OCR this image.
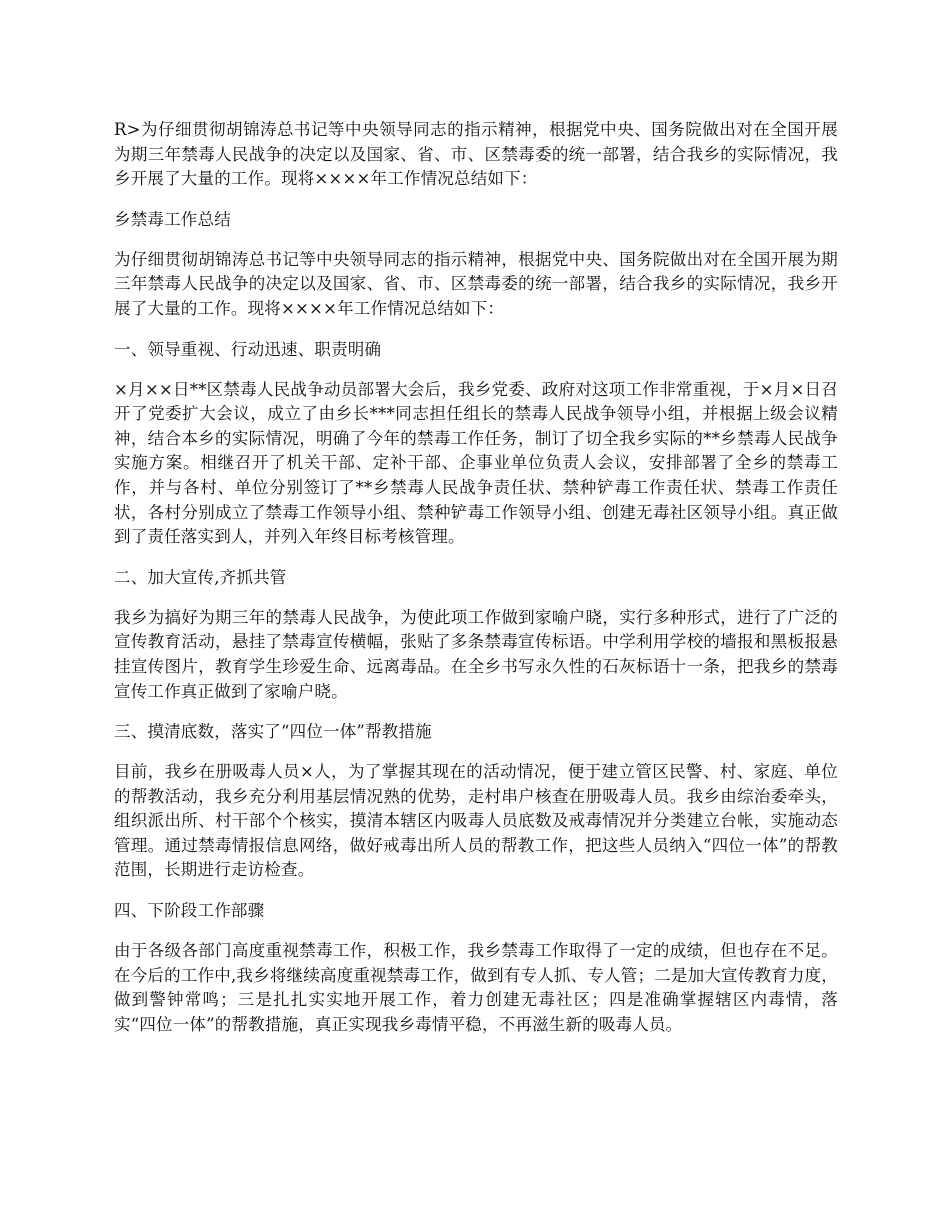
R>为仔细贯彻胡锦涛总书记等中央领导同志的指示精神，根据党中央、国务院做出对在全国开展为期三年禁毒人民战争的决定以及国家、省、市、区禁毒委的统一部署，结合我乡的实际情况，我乡开展了大量的工作。现将××××年工作情况总结如下：

乡禁毒工作总结

为仔细贯彻胡锦涛总书记等中央领导同志的指示精神，根据党中央、国务院做出对在全国开展为期三年禁毒人民战争的决定以及国家、省、市、区禁毒委的统一部署，结合我乡的实际情况，我乡开展了大量的工作。现将××××年工作情况总结如下：

一、领导重视、行动迅速、职责明确

×月××日**区禁毒人民战争动员部署大会后，我乡党委、政府对这项工作非常重视，于×月×日召开了党委扩大会议，成立了由乡长***同志担任组长的禁毒人民战争领导小组，并根据上级会议精神，结合本乡的实际情况，明确了今年的禁毒工作任务，制订了切全我乡实际的**乡禁毒人民战争实施方案。相继召开了机关干部、定补干部、企事业单位负责人会议，安排部署了全乡的禁毒工作，并与各村、单位分别签订了**乡禁毒人民战争责任状、禁种铲毒工作责任状、禁毒工作责任状，各村分别成立了禁毒工作领导小组、禁种铲毒工作领导小组、创建无毒社区领导小组。真正做到了责任落实到人，并列入年终目标考核管理。

二、加大宣传,齐抓共管

我乡为搞好为期三年的禁毒人民战争，为使此项工作做到家喻户晓，实行多种形式，进行了广泛的宣传教育活动，悬挂了禁毒宣传横幅，张贴了多条禁毒宣传标语。中学利用学校的墙报和黑板报悬挂宣传图片，教育学生珍爱生命、远离毒品。在全乡书写永久性的石灰标语十一条，把我乡的禁毒宣传工作真正做到了家喻户晓。

三、摸清底数，落实了“四位一体”帮教措施

目前，我乡在册吸毒人员×人，为了掌握其现在的活动情况，便于建立管区民警、村、家庭、单位的帮教活动，我乡充分利用基层情况熟的优势，走村串户核查在册吸毒人员。我乡由综治委牵头，组织派出所、村干部个个核实，摸清本辖区内吸毒人员底数及戒毒情况并分类建立台帐，实施动态管理。通过禁毒情报信息网络，做好戒毒出所人员的帮教工作，把这些人员纳入“四位一体”的帮教范围，长期进行走访检查。

四、下阶段工作部骤

由于各级各部门高度重视禁毒工作，积极工作，我乡禁毒工作取得了一定的成绩，但也存在不足。在今后的工作中,我乡将继续高度重视禁毒工作，做到有专人抓、专人管；二是加大宣传教育力度，做到警钟常鸣；三是扎扎实实地开展工作，着力创建无毒社区；四是准确掌握辖区内毒情，落实“四位一体”的帮教措施，真正实现我乡毒情平稳，不再滋生新的吸毒人员。
